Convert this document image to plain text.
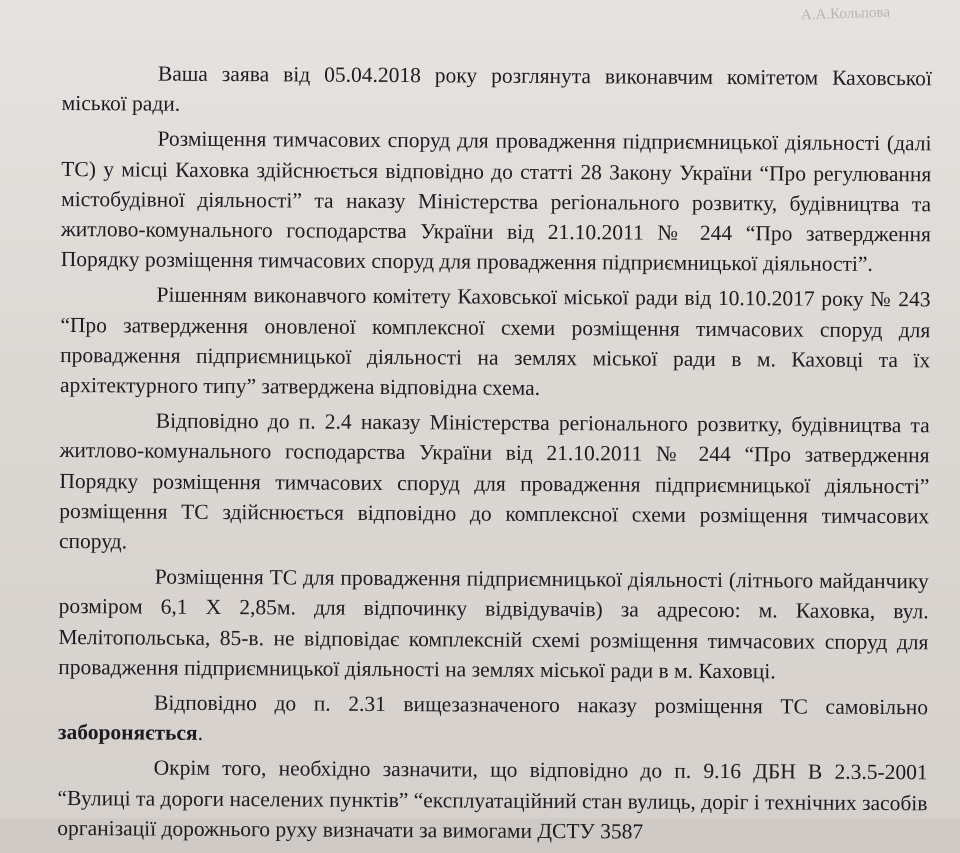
A.A.Кольпова

Ваша заява від 05.04.2018 року розглянута виконавчим комітетом Каховської міської ради.

Розміщення тимчасових споруд для провадження підприємницької діяльності (далі ТС) у місці Каховка здійснюється відповідно до статті 28 Закону України “Про регулювання містобудівної діяльності” та наказу Міністерства регіонального розвитку, будівництва та житлово-комунального господарства України від 21.10.2011 № 244 “Про затвердження Порядку розміщення тимчасових споруд для провадження підприємницької діяльності”.

Рішенням виконавчого комітету Каховської міської ради від 10.10.2017 року № 243 “Про затвердження оновленої комплексної схеми розміщення тимчасових споруд для провадження підприємницької діяльності на землях міської ради в м. Каховці та їх архітектурного типу” затверджена відповідна схема.

Відповідно до п. 2.4 наказу Міністерства регіонального розвитку, будівництва та житлово-комунального господарства України від 21.10.2011 № 244 “Про затвердження Порядку розміщення тимчасових споруд для провадження підприємницької діяльності” розміщення ТС здійснюється відповідно до комплексної схеми розміщення тимчасових споруд.

Розміщення ТС для провадження підприємницької діяльності (літнього майданчику розміром 6,1 Х 2,85м. для відпочинку відвідувачів) за адресою: м. Каховка, вул. Мелітопольська, 85-в. не відповідає комплексній схемі розміщення тимчасових споруд для провадження підприємницької діяльності на землях міської ради в м. Каховці.

Відповідно до п. 2.31 вищезазначеного наказу розміщення ТС самовільно забороняється.

Окрім того, необхідно зазначити, що відповідно до п. 9.16 ДБН В 2.3.5-2001 “Вулиці та дороги населених пунктів” “експлуатаційний стан вулиць, доріг і технічних засобів організації дорожнього руху визначати за вимогами ДСТУ 3587
